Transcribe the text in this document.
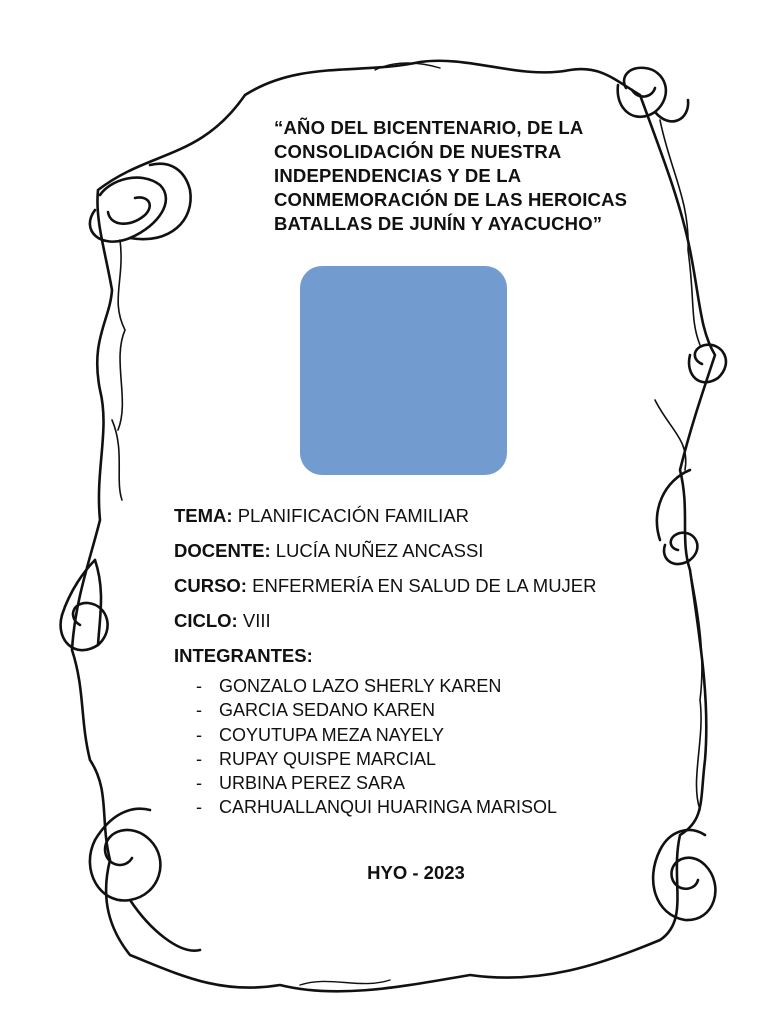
“AÑO DEL BICENTENARIO, DE LA
CONSOLIDACIÓN DE NUESTRA
INDEPENDENCIAS Y DE LA
CONMEMORACIÓN DE LAS HEROICAS
BATALLAS DE JUNÍN Y AYACUCHO”
TEMA: PLANIFICACIÓN FAMILIAR
DOCENTE: LUCÍA NUÑEZ ANCASSI
CURSO: ENFERMERÍA EN SALUD DE LA MUJER
CICLO: VIII
INTEGRANTES:
- GONZALO LAZO SHERLY KAREN
- GARCIA SEDANO KAREN
- COYUTUPA MEZA NAYELY
- RUPAY QUISPE MARCIAL
- URBINA PEREZ SARA
- CARHUALLANQUI HUARINGA MARISOL
HYO - 2023
